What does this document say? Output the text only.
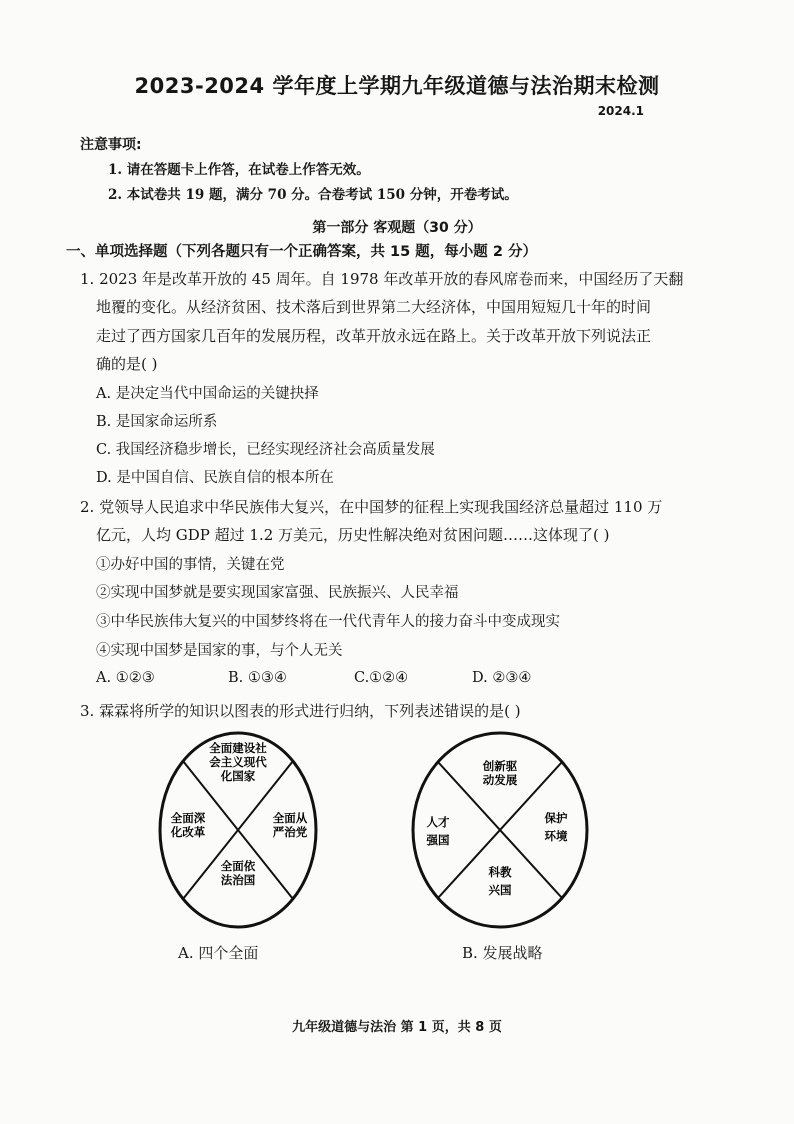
2023-2024 学年度上学期九年级道德与法治期末检测
2024.1
注意事项:
1. 请在答题卡上作答，在试卷上作答无效。
2. 本试卷共 19 题，满分 70 分。合卷考试 150 分钟，开卷考试。
第一部分 客观题（30 分）
一、单项选择题（下列各题只有一个正确答案，共 15 题，每小题 2 分）
1. 2023 年是改革开放的 45 周年。自 1978 年改革开放的春风席卷而来，中国经历了天翻
地覆的变化。从经济贫困、技术落后到世界第二大经济体，中国用短短几十年的时间
走过了西方国家几百年的发展历程，改革开放永远在路上。关于改革开放下列说法正
确的是( )
A. 是决定当代中国命运的关键抉择
B. 是国家命运所系
C. 我国经济稳步增长，已经实现经济社会高质量发展
D. 是中国自信、民族自信的根本所在
2. 党领导人民追求中华民族伟大复兴，在中国梦的征程上实现我国经济总量超过 110 万
亿元，人均 GDP 超过 1.2 万美元，历史性解决绝对贫困问题……这体现了( )
①办好中国的事情，关键在党
②实现中国梦就是要实现国家富强、民族振兴、人民幸福
③中华民族伟大复兴的中国梦终将在一代代青年人的接力奋斗中变成现实
④实现中国梦是国家的事，与个人无关
A. ①②③	B. ①③④	C.①②④	D. ②③④
3. 霖霖将所学的知识以图表的形式进行归纳，下列表述错误的是( )
全面建设社
会主义现代
化国家
全面深
化改革
全面从
严治党
全面依
法治国
A. 四个全面
创新驱
动发展
人才
强国
保护
环境
科教
兴国
B. 发展战略
九年级道德与法治 第 1 页，共 8 页
